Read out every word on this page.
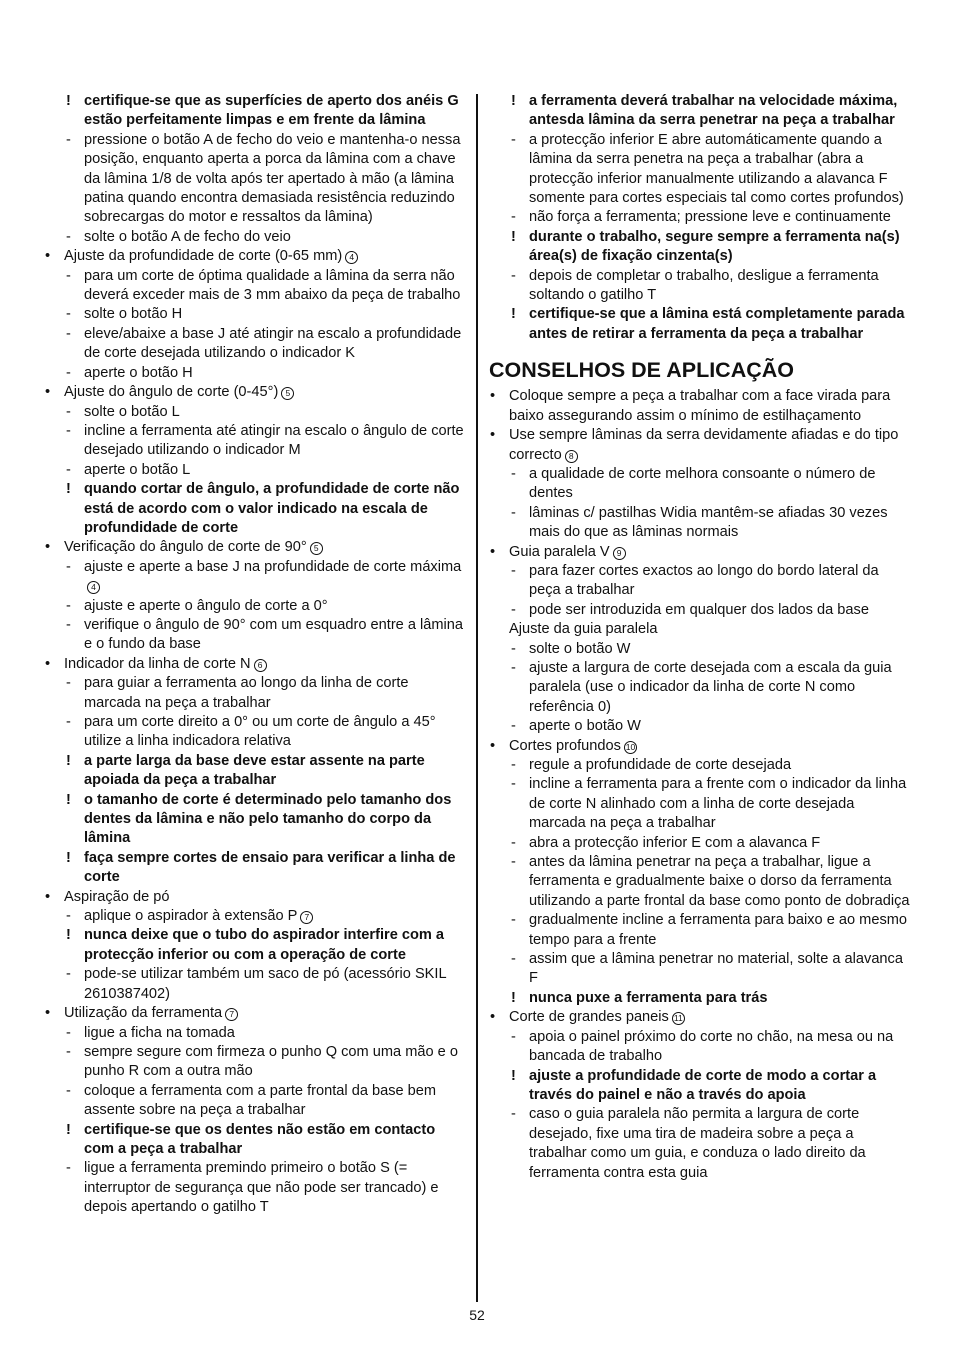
! certifique-se que as superfícies de aperto dos anéis G estão perfeitamente limpas e em frente da lâmina
- pressione o botão A de fecho do veio e mantenha-o nessa posição, enquanto aperta a porca da lâmina com a chave da lâmina 1/8 de volta após ter apertado à mão (a lâmina patina quando encontra demasiada resistência reduzindo sobrecargas do motor e ressaltos da lâmina)
- solte o botão A de fecho do veio
• Ajuste da profundidade de corte (0-65 mm) 4
- para um corte de óptima qualidade a lâmina da serra não deverá exceder mais de 3 mm abaixo da peça de trabalho
- solte o botão H
- eleve/abaixe a base J até atingir na escalo a profundidade de corte desejada utilizando o indicador K
- aperte o botão H
• Ajuste do ângulo de corte (0-45°) 5
- solte o botão L
- incline a ferramenta até atingir na escalo o ângulo de corte desejado utilizando o indicador M
- aperte o botão L
! quando cortar de ângulo, a profundidade de corte não está de acordo com o valor indicado na escala de profundidade de corte
• Verificação do ângulo de corte de 90° 5
- ajuste e aperte a base J na profundidade de corte máxima4
- ajuste e aperte o ângulo de corte a 0°
- verifique o ângulo de 90° com um esquadro entre a lâmina e o fundo da base
• Indicador da linha de corte N 6
- para guiar a ferramenta ao longo da linha de corte marcada na peça a trabalhar
- para um corte direito a 0° ou um corte de ângulo a 45° utilize a linha indicadora relativa
! a parte larga da base deve estar assente na parte apoiada da peça a trabalhar
! o tamanho de corte é determinado pelo tamanho dos dentes da lâmina e não pelo tamanho do corpo da lâmina
! faça sempre cortes de ensaio para verificar a linha de corte
• Aspiração de pó
- aplique o aspirador à extensão P 7
! nunca deixe que o tubo do aspirador interfire com a protecção inferior ou com a operação de corte
- pode-se utilizar também um saco de pó (acessório SKIL 2610387402)
• Utilização da ferramenta 7
- ligue a ficha na tomada
- sempre segure com firmeza o punho Q com uma mão e o punho R com a outra mão
- coloque a ferramenta com a parte frontal da base bem assente sobre na peça a trabalhar
! certifique-se que os dentes não estão em contacto com a peça a trabalhar
- ligue a ferramenta premindo primeiro o botão S (= interruptor de segurança que não pode ser trancado) e depois apertando o gatilho T
! a ferramenta deverá trabalhar na velocidade máxima, antesda lâmina da serra penetrar na peça a trabalhar
- a protecção inferior E abre automáticamente quando a lâmina da serra penetra na peça a trabalhar (abra a protecção inferior manualmente utilizando a alavanca F somente para cortes especiais tal como cortes profundos)
- não força a ferramenta; pressione leve e continuamente
! durante o trabalho, segure sempre a ferramenta na(s) área(s) de fixação cinzenta(s)
- depois de completar o trabalho, desligue a ferramenta soltando o gatilho T
! certifique-se que a lâmina está completamente parada antes de retirar a ferramenta da peça a trabalhar
CONSELHOS DE APLICAÇÃO
• Coloque sempre a peça a trabalhar com a face virada para baixo assegurando assim o mínimo de estilhaçamento
• Use sempre lâminas da serra devidamente afiadas e do tipo correcto 8
- a qualidade de corte melhora consoante o número de dentes
- lâminas c/ pastilhas Widia mantêm-se afiadas 30 vezes mais do que as lâminas normais
• Guia paralela V 9
- para fazer cortes exactos ao longo do bordo lateral da peça a trabalhar
- pode ser introduzida em qualquer dos lados da base
Ajuste da guia paralela
- solte o botão W
- ajuste a largura de corte desejada com a escala da guia paralela (use o indicador da linha de corte N como referência 0)
- aperte o botão W
• Cortes profundos 10
- regule a profundidade de corte desejada
- incline a ferramenta para a frente com o indicador da linha de corte N alinhado com a linha de corte desejada marcada na peça a trabalhar
- abra a protecção inferior E com a alavanca F
- antes da lâmina penetrar na peça a trabalhar, ligue a ferramenta e gradualmente baixe o dorso da ferramenta utilizando a parte frontal da base como ponto de dobradiça
- gradualmente incline a ferramenta para baixo e ao mesmo tempo para a frente
- assim que a lâmina penetrar no material, solte a alavanca F
! nunca puxe a ferramenta para trás
• Corte de grandes paneis 11
- apoia o painel próximo do corte no chão, na mesa ou na bancada de trabalho
! ajuste a profundidade de corte de modo a cortar a través do painel e não a través do apoia
- caso o guia paralela não permita a largura de corte desejado, fixe uma tira de madeira sobre a peça a trabalhar como um guia, e conduza o lado direito da ferramenta contra esta guia
52
